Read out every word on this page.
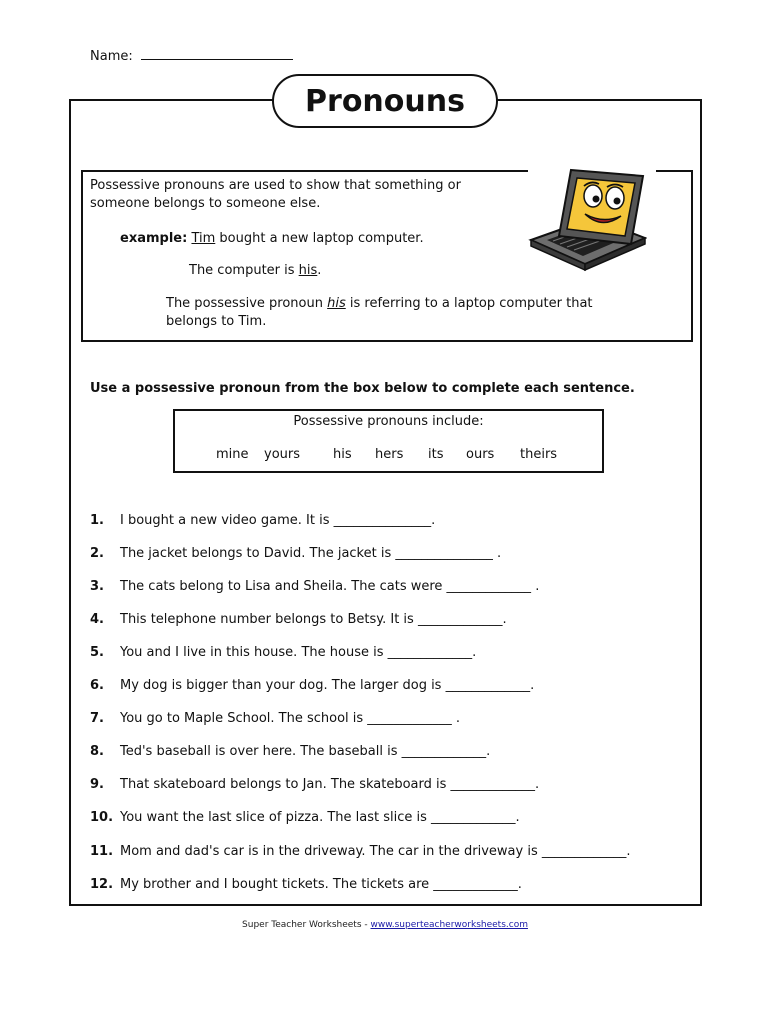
Name:
Pronouns
Possessive pronouns are used to show that something or someone belongs to someone else.
example: Tim bought a new laptop computer.
The computer is his.
The possessive pronoun his is referring to a laptop computer that belongs to Tim.
Use a possessive pronoun from the box below to complete each sentence.
Possessive pronouns include:
mine yours	his hers its ours theirs
1. I bought a new video game. It is _______________.
2. The jacket belongs to David. The jacket is _______________ .
3. The cats belong to Lisa and Sheila. The cats were _____________ .
4. This telephone number belongs to Betsy. It is _____________.
5. You and I live in this house. The house is _____________.
6. My dog is bigger than your dog. The larger dog is _____________.
7. You go to Maple School. The school is _____________ .
8. Ted's baseball is over here. The baseball is _____________.
9. That skateboard belongs to Jan. The skateboard is _____________.
10. You want the last slice of pizza. The last slice is _____________.
11. Mom and dad's car is in the driveway. The car in the driveway is _____________.
12. My brother and I bought tickets. The tickets are _____________.
Super Teacher Worksheets - www.superteacherworksheets.com
